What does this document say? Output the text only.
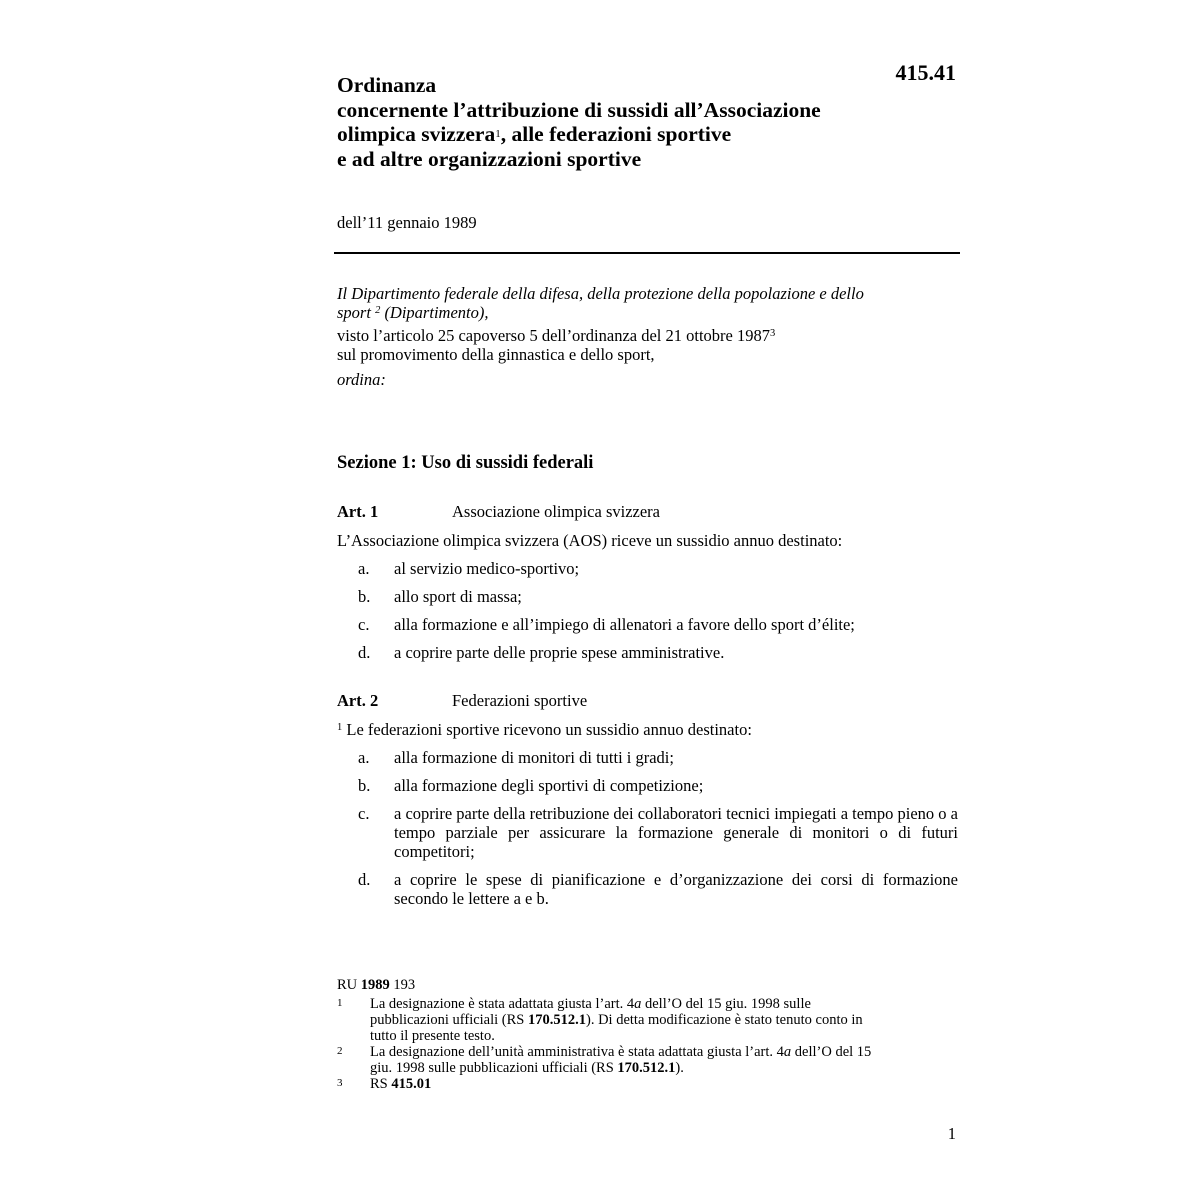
415.41
Ordinanza
concernente l’attribuzione di sussidi all’Associazione
olimpica svizzera$^1$, alle federazioni sportive
e ad altre organizzazioni sportive
dell’11 gennaio 1989
Il Dipartimento federale della difesa, della protezione della popolazione e dello
sport $^2$ (Dipartimento),
visto l’articolo 25 capoverso 5 dell’ordinanza del 21 ottobre 1987$^3$
sul promovimento della ginnastica e dello sport,
ordina:
Sezione 1: Uso di sussidi federali
Art. 1	Associazione olimpica svizzera
L’Associazione olimpica svizzera (AOS) riceve un sussidio annuo destinato:
a. al servizio medico-sportivo;
b. allo sport di massa;
c. alla formazione e all’impiego di allenatori a favore dello sport d’élite;
d. a coprire parte delle proprie spese amministrative.
Art. 2	Federazioni sportive
$^1$ Le federazioni sportive ricevono un sussidio annuo destinato:
a. alla formazione di monitori di tutti i gradi;
b. alla formazione degli sportivi di competizione;
c. a coprire parte della retribuzione dei collaboratori tecnici impiegati a tempo pieno o a tempo parziale per assicurare la formazione generale di monitori o di futuri competitori;
d. a coprire le spese di pianificazione e d’organizzazione dei corsi di formazione secondo le lettere a e b.
RU 1989 193
1 La designazione è stata adattata giusta l’art. 4a dell’O del 15 giu. 1998 sulle
pubblicazioni ufficiali (RS 170.512.1). Di detta modificazione è stato tenuto conto in
tutto il presente testo.
2 La designazione dell’unità amministrativa è stata adattata giusta l’art. 4a dell’O del 15
giu. 1998 sulle pubblicazioni ufficiali (RS 170.512.1).
3 RS 415.01
1
